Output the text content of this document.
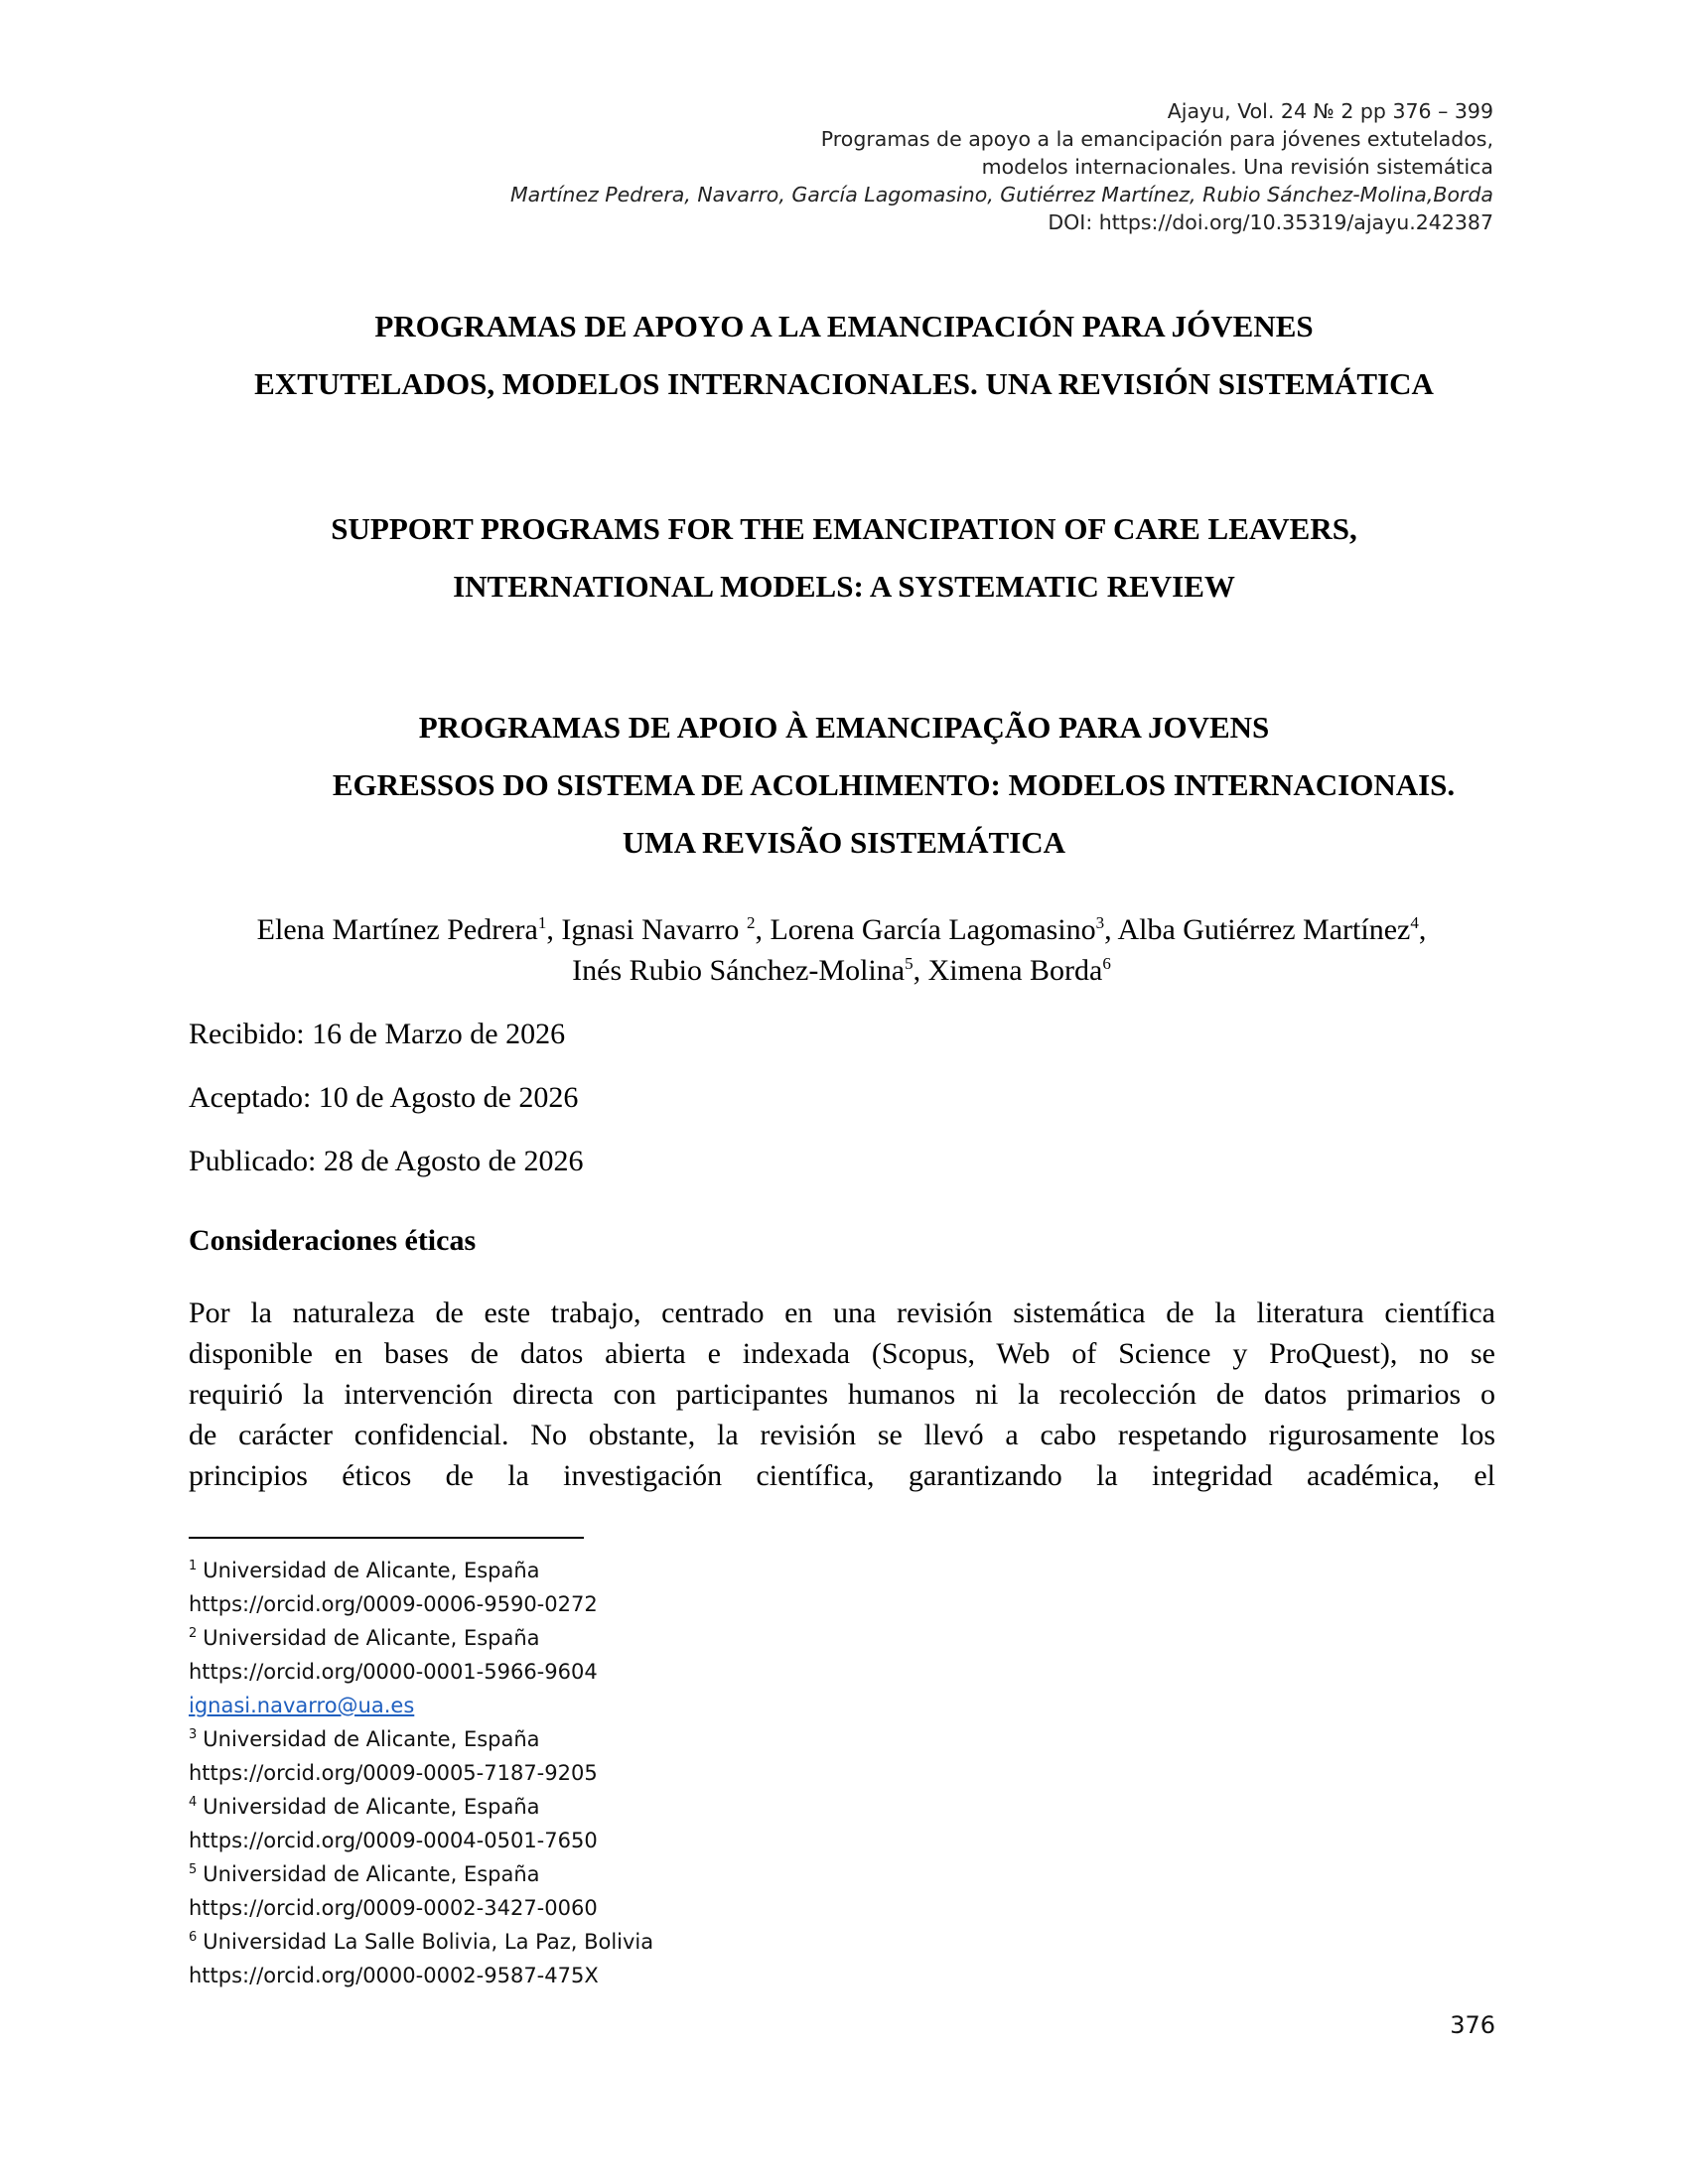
Ajayu, Vol. 24 № 2 pp 376 – 399
Programas de apoyo a la emancipación para jóvenes extutelados,
modelos internacionales. Una revisión sistemática
Martínez Pedrera, Navarro, García Lagomasino, Gutiérrez Martínez, Rubio Sánchez-Molina,Borda
DOI: https://doi.org/10.35319/ajayu.242387
PROGRAMAS DE APOYO A LA EMANCIPACIÓN PARA JÓVENES
EXTUTELADOS, MODELOS INTERNACIONALES. UNA REVISIÓN SISTEMÁTICA
SUPPORT PROGRAMS FOR THE EMANCIPATION OF CARE LEAVERS,
INTERNATIONAL MODELS: A SYSTEMATIC REVIEW
PROGRAMAS DE APOIO À EMANCIPAÇÃO PARA JOVENS
EGRESSOS DO SISTEMA DE ACOLHIMENTO: MODELOS INTERNACIONAIS.
UMA REVISÃO SISTEMÁTICA
Elena Martínez Pedrera$^1$, Ignasi Navarro $^2$, Lorena García Lagomasino$^3$, Alba Gutiérrez Martínez$^4$,
Inés Rubio Sánchez-Molina$^5$, Ximena Borda$^6$
Recibido: 16 de Marzo de 2026
Aceptado: 10 de Agosto de 2026
Publicado: 28 de Agosto de 2026
Consideraciones éticas
Por la naturaleza de este trabajo, centrado en una revisión sistemática de la literatura científica
disponible en bases de datos abierta e indexada (Scopus, Web of Science y ProQuest), no se
requirió la intervención directa con participantes humanos ni la recolección de datos primarios o
de carácter confidencial. No obstante, la revisión se llevó a cabo respetando rigurosamente los
principios éticos de la investigación científica, garantizando la integridad académica, el
$^1$ Universidad de Alicante, España
https://orcid.org/0009-0006-9590-0272
$^2$ Universidad de Alicante, España
https://orcid.org/0000-0001-5966-9604
ignasi.navarro@ua.es
$^3$ Universidad de Alicante, España
https://orcid.org/0009-0005-7187-9205
$^4$ Universidad de Alicante, España
https://orcid.org/0009-0004-0501-7650
$^5$ Universidad de Alicante, España
https://orcid.org/0009-0002-3427-0060
$^6$ Universidad La Salle Bolivia, La Paz, Bolivia
https://orcid.org/0000-0002-9587-475X
376
